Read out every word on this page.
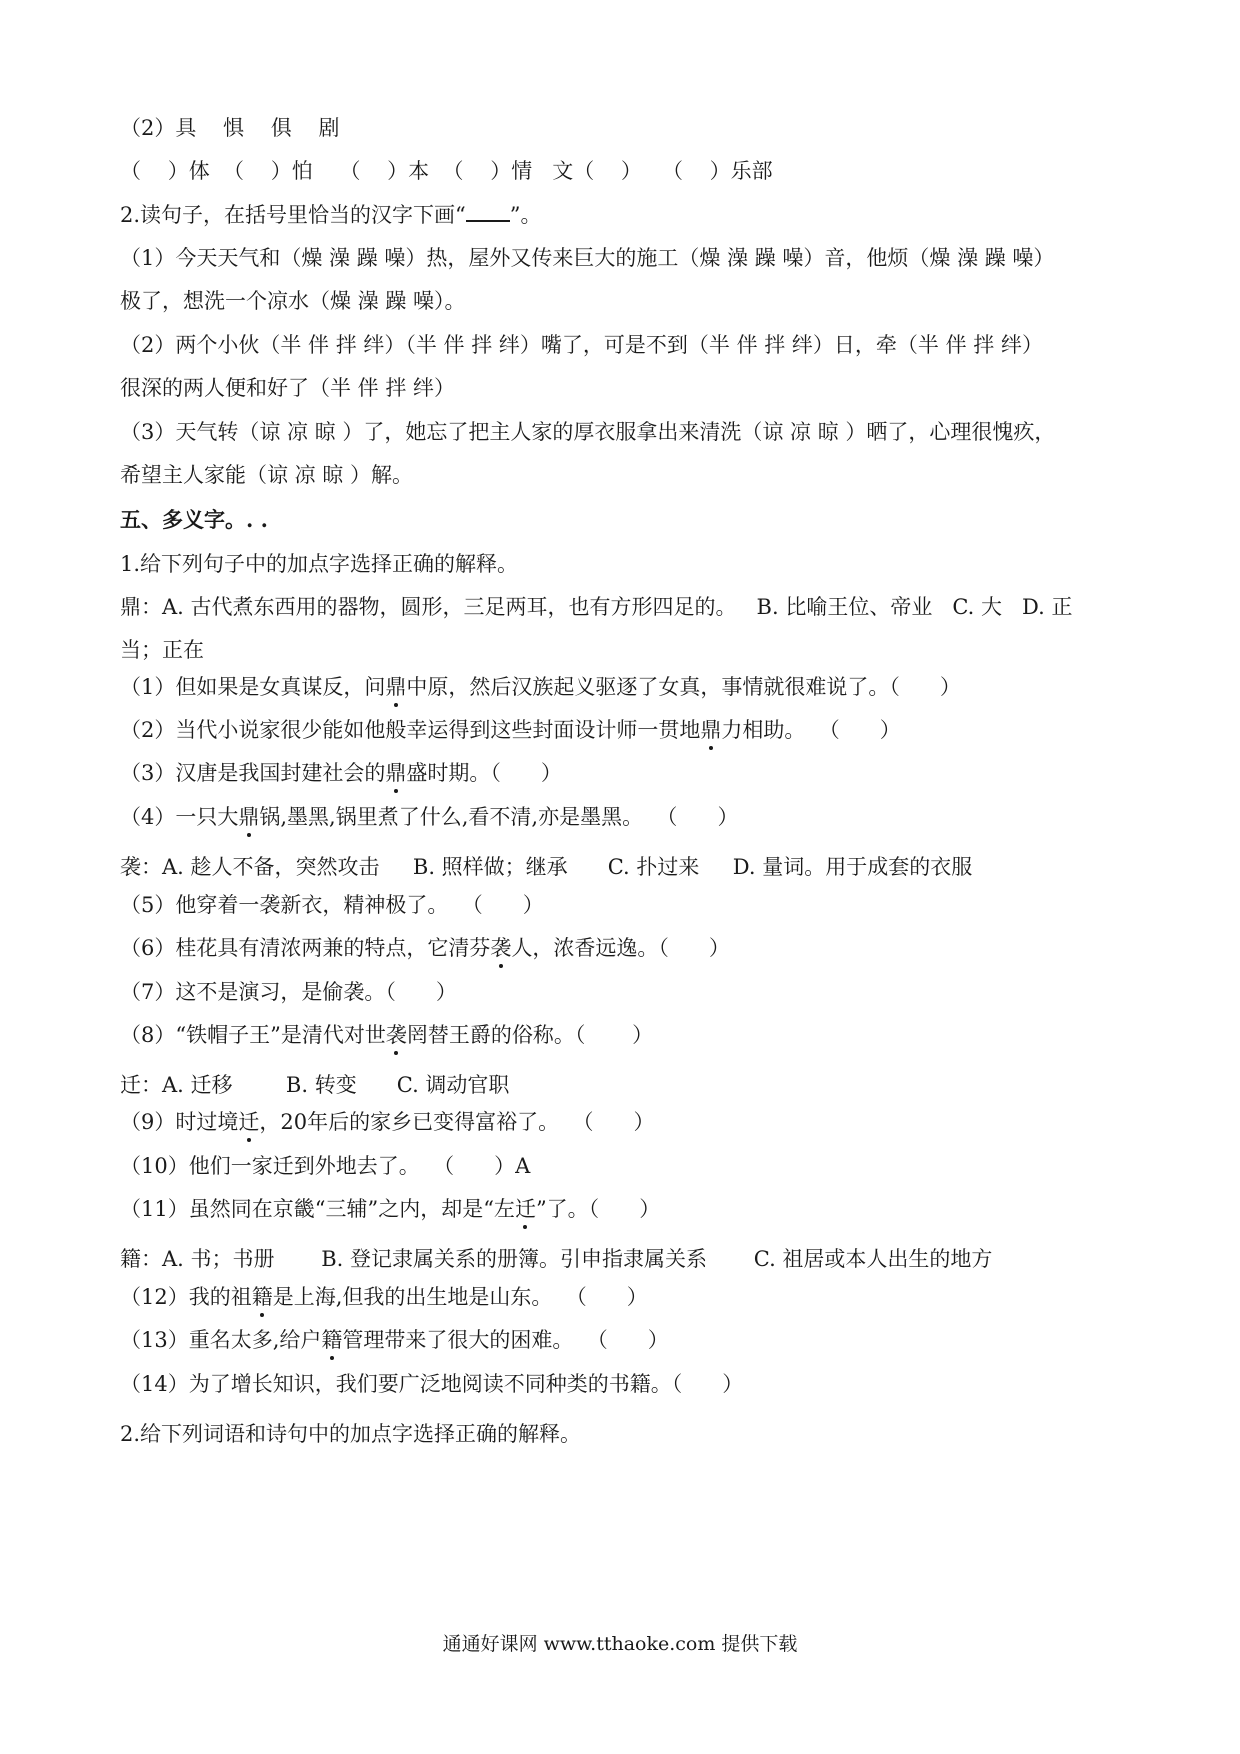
（2）具    惧    俱    剧
（    ）体  （    ）怕    （    ）本  （    ）情   文（    ）   （    ）乐部
2.读句子，在括号里恰当的汉字下画“ ”。
（1）今天天气和（燥 澡 躁 噪）热，屋外又传来巨大的施工（燥 澡 躁 噪）音，他烦（燥 澡 躁 噪）
极了，想洗一个凉水（燥 澡 躁 噪）。
（2）两个小伙（半 伴 拌 绊）（半 伴 拌 绊）嘴了，可是不到（半 伴 拌 绊）日，牵（半 伴 拌 绊）
很深的两人便和好了（半 伴 拌 绊）
（3）天气转（谅 凉 晾 ）了，她忘了把主人家的厚衣服拿出来清洗（谅 凉 晾 ）晒了，心理很愧疚，
希望主人家能（谅 凉 晾 ）解。
五、多义字。. .
1.给下列句子中的加点字选择正确的解释。
鼎：A. 古代煮东西用的器物，圆形，三足两耳，也有方形四足的。   B. 比喻王位、帝业   C. 大   D. 正
当；正在
（1）但如果是女真谋反，问鼎中原，然后汉族起义驱逐了女真，事情就很难说了。（      ）
（2）当代小说家很少能如他般幸运得到这些封面设计师一贯地鼎力相助。  （      ）
（3）汉唐是我国封建社会的鼎盛时期。（      ）
（4）一只大鼎锅,墨黑,锅里煮了什么,看不清,亦是墨黑。  （      ）
袭：A. 趁人不备，突然攻击     B. 照样做；继承      C. 扑过来     D. 量词。用于成套的衣服
（5）他穿着一袭新衣，精神极了。  （      ）
（6）桂花具有清浓两兼的特点，它清芬袭人，浓香远逸。（      ）
（7）这不是演习，是偷袭。（      ）
（8）“铁帽子王”是清代对世袭罔替王爵的俗称。（       ）
迁：A. 迁移        B. 转变      C. 调动官职
（9）时过境迁，20年后的家乡已变得富裕了。  （      ）
（10）他们一家迁到外地去了。  （      ）A
（11）虽然同在京畿“三辅”之内，却是“左迁”了。（      ）
籍：A. 书；书册       B. 登记隶属关系的册簿。引申指隶属关系       C. 祖居或本人出生的地方
（12）我的祖籍是上海,但我的出生地是山东。  （      ）
（13）重名太多,给户籍管理带来了很大的困难。  （      ）
（14）为了增长知识，我们要广泛地阅读不同种类的书籍。（      ）
2.给下列词语和诗句中的加点字选择正确的解释。
通通好课网 www.tthaoke.com 提供下载
